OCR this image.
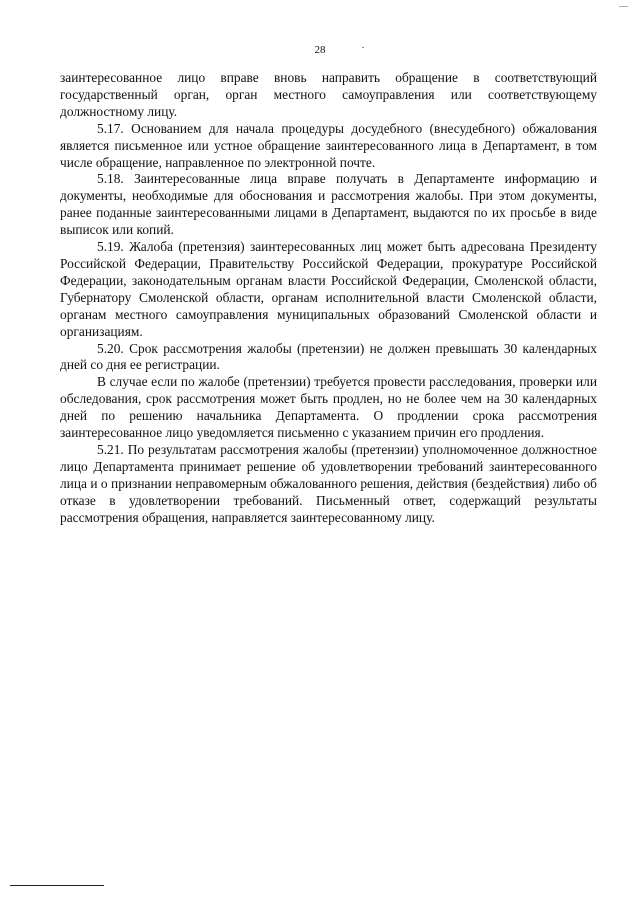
28

заинтересованное лицо вправе вновь направить обращение в соответствующий государственный орган, орган местного самоуправления или соответствующему должностному лицу.

5.17. Основанием для начала процедуры досудебного (внесудебного) обжалования является письменное или устное обращение заинтересованного лица в Департамент, в том числе обращение, направленное по электронной почте.

5.18. Заинтересованные лица вправе получать в Департаменте информацию и документы, необходимые для обоснования и рассмотрения жалобы. При этом документы, ранее поданные заинтересованными лицами в Департамент, выдаются по их просьбе в виде выписок или копий.

5.19. Жалоба (претензия) заинтересованных лиц может быть адресована Президенту Российской Федерации, Правительству Российской Федерации, прокуратуре Российской Федерации, законодательным органам власти Российской Федерации, Смоленской области, Губернатору Смоленской области, органам исполнительной власти Смоленской области, органам местного самоуправления муниципальных образований Смоленской области и организациям.

5.20. Срок рассмотрения жалобы (претензии) не должен превышать 30 календарных дней со дня ее регистрации.

В случае если по жалобе (претензии) требуется провести расследования, проверки или обследования, срок рассмотрения может быть продлен, но не более чем на 30 календарных дней по решению начальника Департамента. О продлении срока рассмотрения заинтересованное лицо уведомляется письменно с указанием причин его продления.

5.21. По результатам рассмотрения жалобы (претензии) уполномоченное должностное лицо Департамента принимает решение об удовлетворении требований заинтересованного лица и о признании неправомерным обжалованного решения, действия (бездействия) либо об отказе в удовлетворении требований. Письменный ответ, содержащий результаты рассмотрения обращения, направляется заинтересованному лицу.
